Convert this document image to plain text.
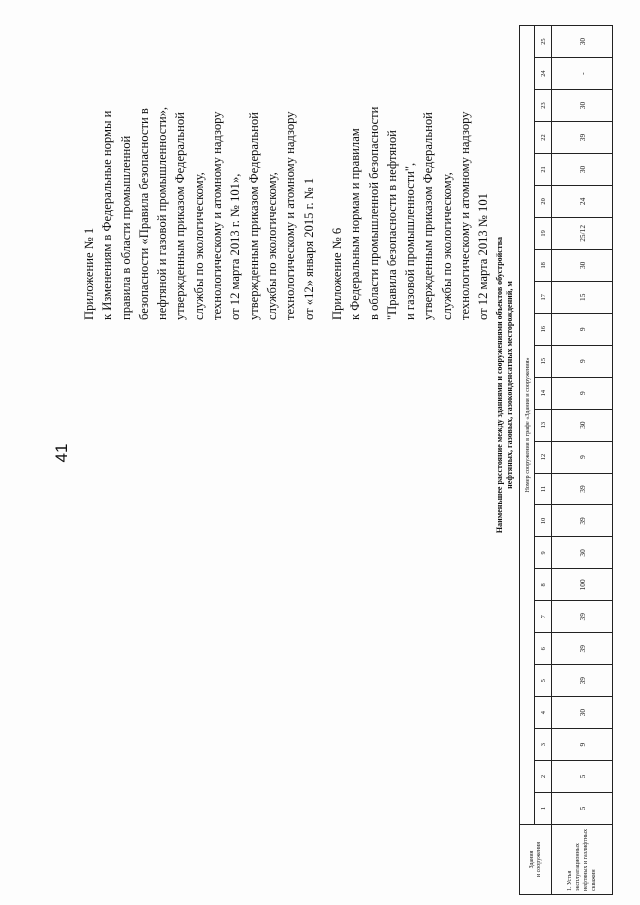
41
Приложение № 1 к Изменениям в Федеральные нормы и правила в области промышленной безопасности «Правила безопасности в нефтяной и газовой промышленности», утвержденным приказом Федеральной службы по экологическому, технологическому и атомному надзору от 12 марта 2013 г. № 101», утвержденным приказом Федеральной службы по экологическому, технологическому и атомному надзору от «12» января 2015 г. № 1 Приложение № 6 к Федеральным нормам и правилам в области промышленной безопасности "Правила безопасности в нефтяной и газовой промышленности", утвержденным приказом Федеральной службы по экологическому, технологическому и атомному надзору от 12 марта 2013 № 101 Наименьшее расстояние между зданиями и сооружениями объектов обустройства нефтяных, газовых, газоконденсатных месторождений, м
Здания
и сооружения	Номер сооружения в графе «Здания и сооружения»																								
	1	2	3	4	5	6	7	8	9	10	11	12	13	14	15	16	17	18	19	20	21	22	23	24	25

1. Устья эксплуатационных нефтяных и газлифтных скважин	5	5	9	30	39	39	39	100	30	39	39	9	30	9	9	9	15	30	25/12	24	30	39	30	-	30
